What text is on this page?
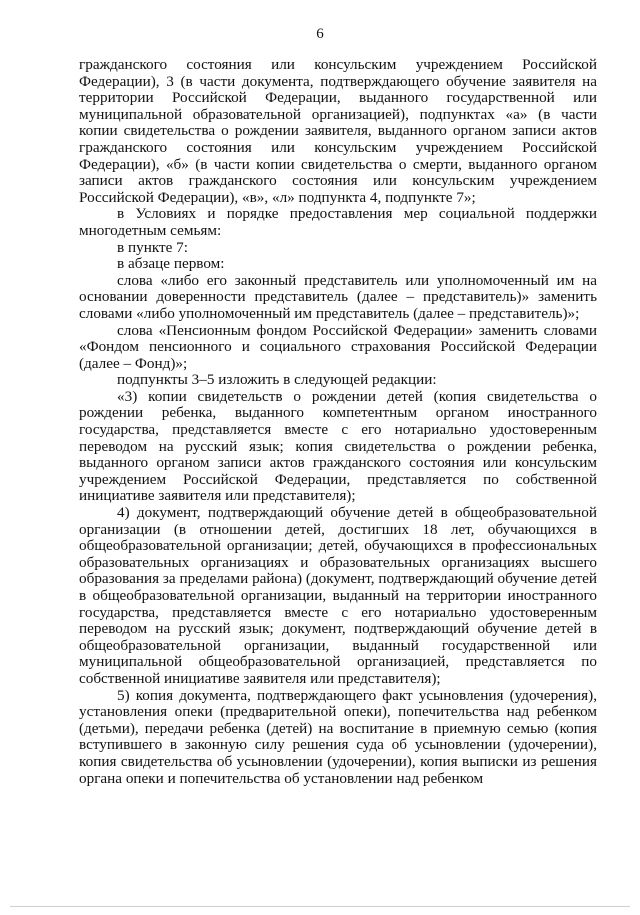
6

гражданского состояния или консульским учреждением Российской Федерации), 3 (в части документа, подтверждающего обучение заявителя на территории Российской Федерации, выданного государственной или муниципальной образовательной организацией), подпунктах «а» (в части копии свидетельства о рождении заявителя, выданного органом записи актов гражданского состояния или консульским учреждением Российской Федерации), «б» (в части копии свидетельства о смерти, выданного органом записи актов гражданского состояния или консульским учреждением Российской Федерации), «в», «л» подпункта 4, подпункте 7»;

в Условиях и порядке предоставления мер социальной поддержки многодетным семьям:

в пункте 7:

в абзаце первом:

слова «либо его законный представитель или уполномоченный им на основании доверенности представитель (далее – представитель)» заменить словами «либо уполномоченный им представитель (далее – представитель)»;

слова «Пенсионным фондом Российской Федерации» заменить словами «Фондом пенсионного и социального страхования Российской Федерации (далее – Фонд)»;

подпункты 3–5 изложить в следующей редакции:

«3) копии свидетельств о рождении детей (копия свидетельства о рождении ребенка, выданного компетентным органом иностранного государства, представляется вместе с его нотариально удостоверенным переводом на русский язык; копия свидетельства о рождении ребенка, выданного органом записи актов гражданского состояния или консульским учреждением Российской Федерации, представляется по собственной инициативе заявителя или представителя);

4) документ, подтверждающий обучение детей в общеобразовательной организации (в отношении детей, достигших 18 лет, обучающихся в общеобразовательной организации; детей, обучающихся в профессиональных образовательных организациях и образовательных организациях высшего образования за пределами района) (документ, подтверждающий обучение детей в общеобразовательной организации, выданный на территории иностранного государства, представляется вместе с его нотариально удостоверенным переводом на русский язык; документ, подтверждающий обучение детей в общеобразовательной организации, выданный государственной или муниципальной общеобразовательной организацией, представляется по собственной инициативе заявителя или представителя);

5) копия документа, подтверждающего факт усыновления (удочерения), установления опеки (предварительной опеки), попечительства над ребенком (детьми), передачи ребенка (детей) на воспитание в приемную семью (копия вступившего в законную силу решения суда об усыновлении (удочерении), копия свидетельства об усыновлении (удочерении), копия выписки из решения органа опеки и попечительства об установлении над ребенком
